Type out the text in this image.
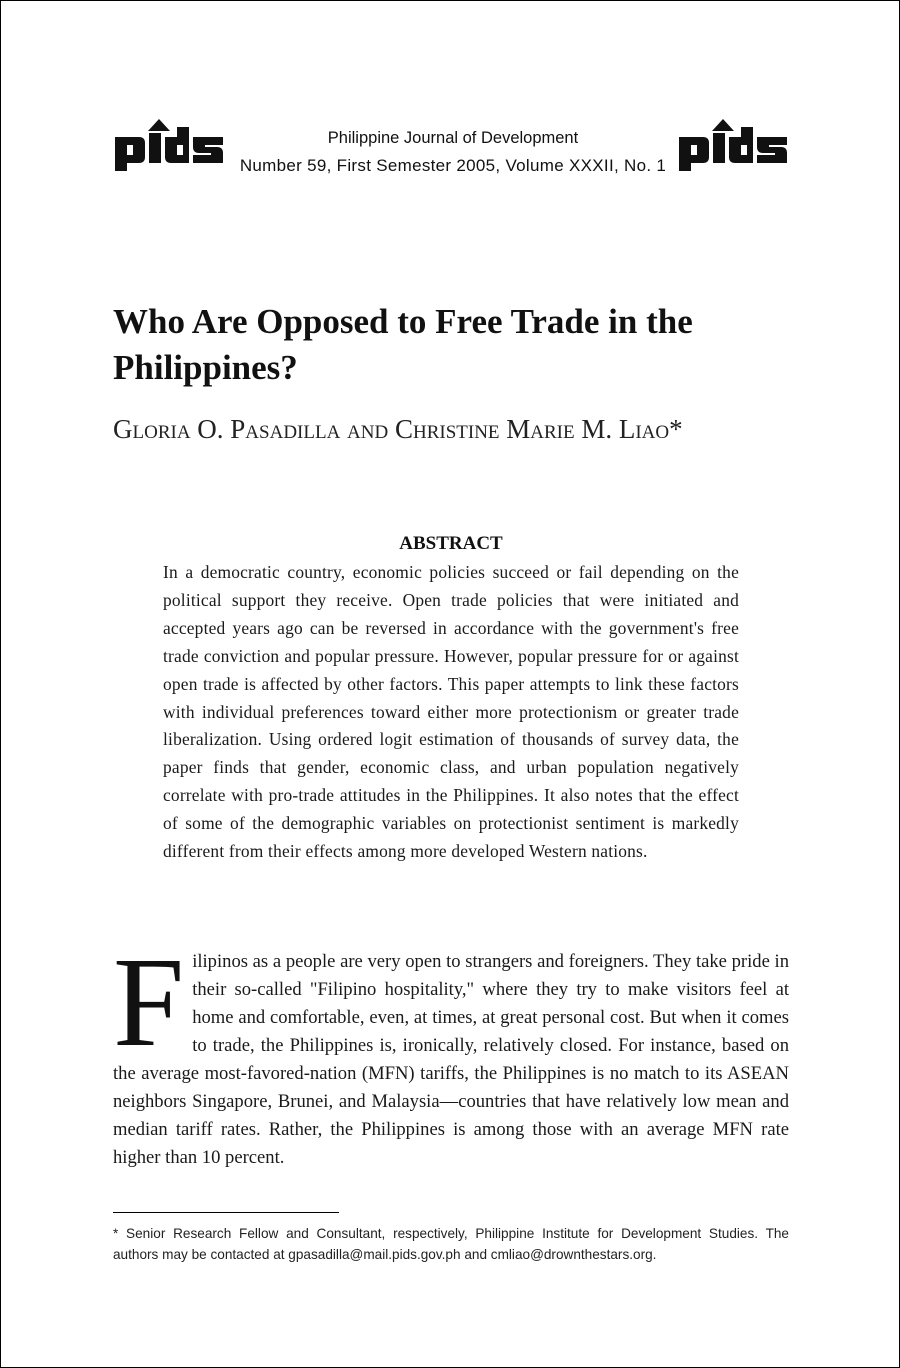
Philippine Journal of Development
Number 59, First Semester 2005, Volume XXXII, No. 1
Who Are Opposed to Free Trade in the Philippines?
Gloria O. Pasadilla and Christine Marie M. Liao*
ABSTRACT

In a democratic country, economic policies succeed or fail depending on the political support they receive. Open trade policies that were initiated and accepted years ago can be reversed in accordance with the government's free trade conviction and popular pressure. However, popular pressure for or against open trade is affected by other factors. This paper attempts to link these factors with individual preferences toward either more protectionism or greater trade liberalization. Using ordered logit estimation of thousands of survey data, the paper finds that gender, economic class, and urban population negatively correlate with pro-trade attitudes in the Philippines. It also notes that the effect of some of the demographic variables on protectionist sentiment is markedly different from their effects among more developed Western nations.

Filipinos as a people are very open to strangers and foreigners. They take pride in their so-called "Filipino hospitality," where they try to make visitors feel at home and comfortable, even, at times, at great personal cost. But when it comes to trade, the Philippines is, ironically, relatively closed. For instance, based on the average most-favored-nation (MFN) tariffs, the Philippines is no match to its ASEAN neighbors Singapore, Brunei, and Malaysia—countries that have relatively low mean and median tariff rates. Rather, the Philippines is among those with an average MFN rate higher than 10 percent.

* Senior Research Fellow and Consultant, respectively, Philippine Institute for Development Studies. The authors may be contacted at gpasadilla@mail.pids.gov.ph and cmliao@drownthestars.org.
